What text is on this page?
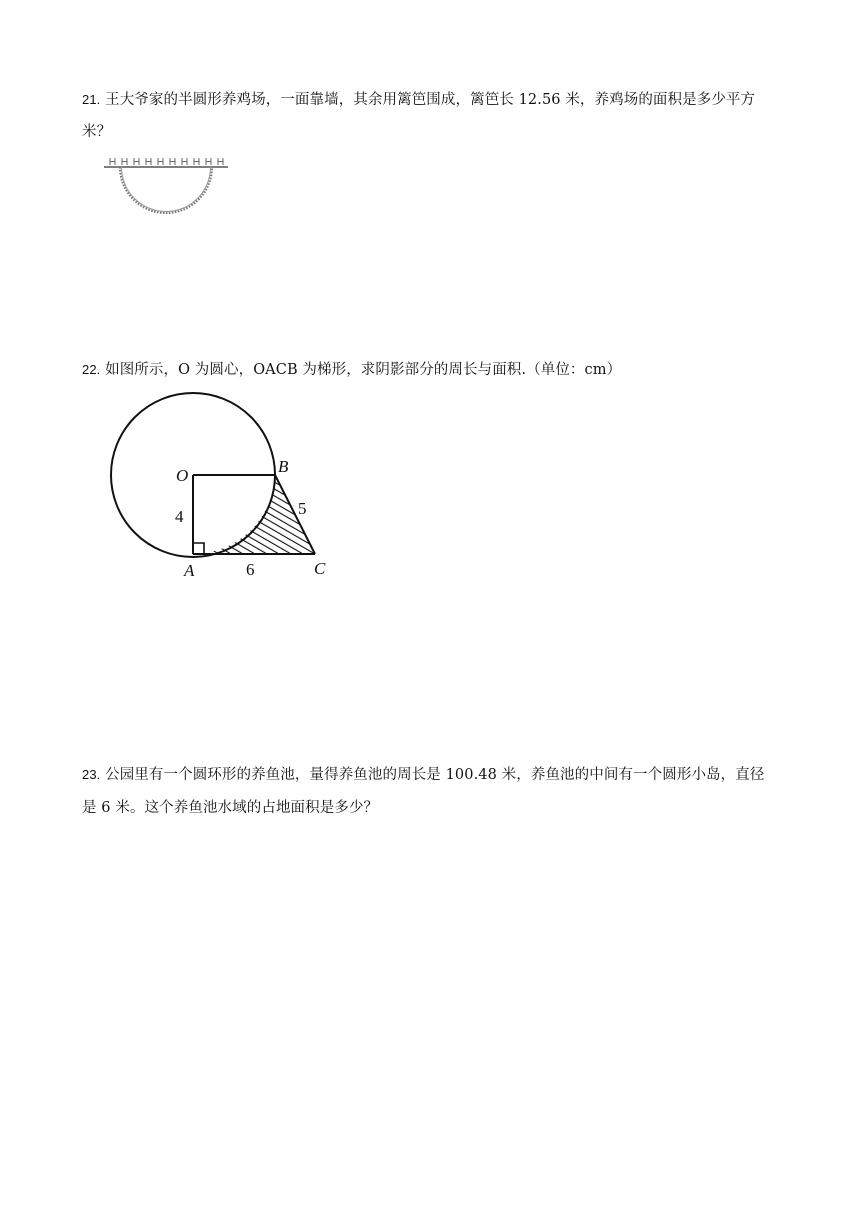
21. 王大爷家的半圆形养鸡场，一面靠墙，其余用篱笆围成，篱笆长 12.56 米，养鸡场的面积是多少平方
米？
22. 如图所示，O 为圆心，OACB 为梯形，求阴影部分的周长与面积.（单位：cm）
O	B
A	C
4
6
5
23. 公园里有一个圆环形的养鱼池，量得养鱼池的周长是 100.48 米，养鱼池的中间有一个圆形小岛，直径
是 6 米。这个养鱼池水域的占地面积是多少？
